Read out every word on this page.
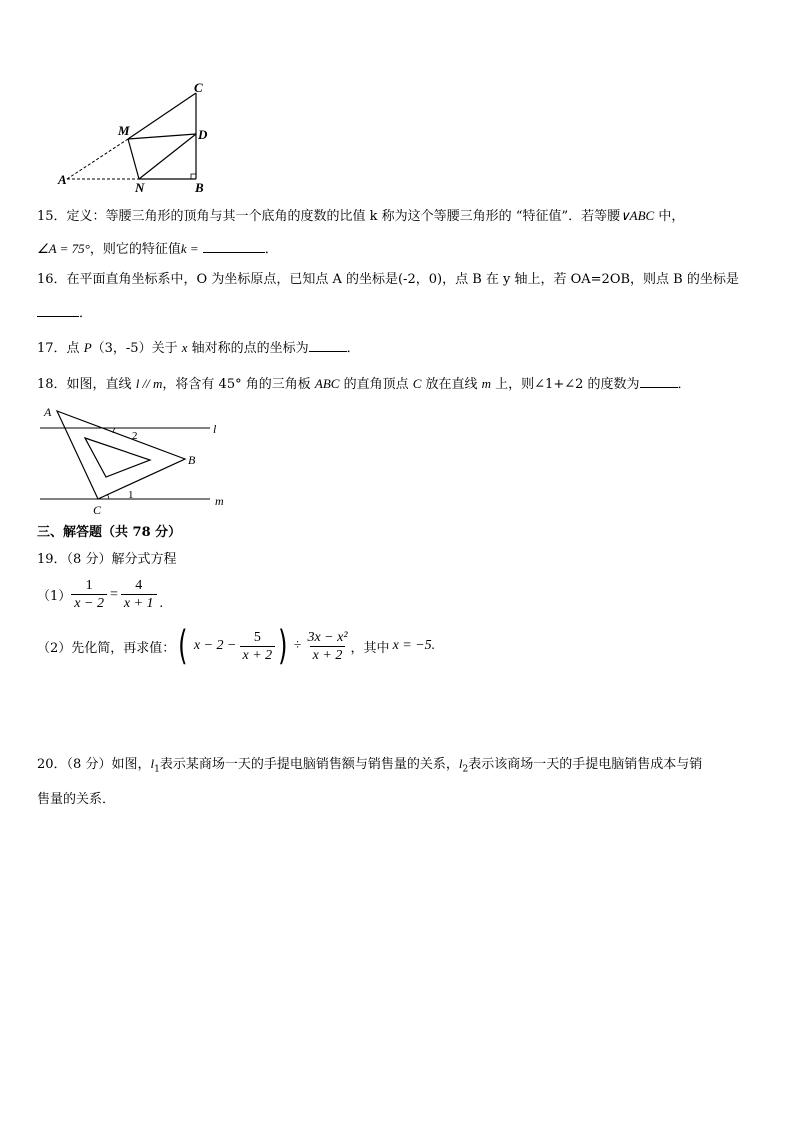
C
M	D
A
N	B
15．定义：等腰三角形的顶角与其一个底角的度数的比值 k 称为这个等腰三角形的 “特征值”．若等腰∨ABC 中，
∠A = 75°，则它的特征值k =	．
16．在平面直角坐标系中，O 为坐标原点，已知点 A 的坐标是(-2，0)，点 B 在 y 轴上，若 OA=2OB，则点 B 的坐标是
．
17．点 P（3，-5）关于 x 轴对称的点的坐标为	．
18．如图，直线 l // m，将含有 45° 角的三角板 ABC 的直角顶点 C 放在直线 m 上，则∠1+∠2 的度数为	．
A
2	l
B
1
C
m
三、解答题（共 78 分）
19．（8 分）解分式方程
$(1) \frac{1}{x - 2} = \frac{4}{x + 1}$ .
（2）先化简，再求值： ( $x - 2 - \frac{5}{x + 2}$ ) ÷ $\frac{\text{3x − x²}}{x + 2}$ ，其中 x = −5.
20．（8 分）如图，$l_1$表示某商场一天的手提电脑销售额与销售量的关系，$l_2$表示该商场一天的手提电脑销售成本与销
售量的关系．
